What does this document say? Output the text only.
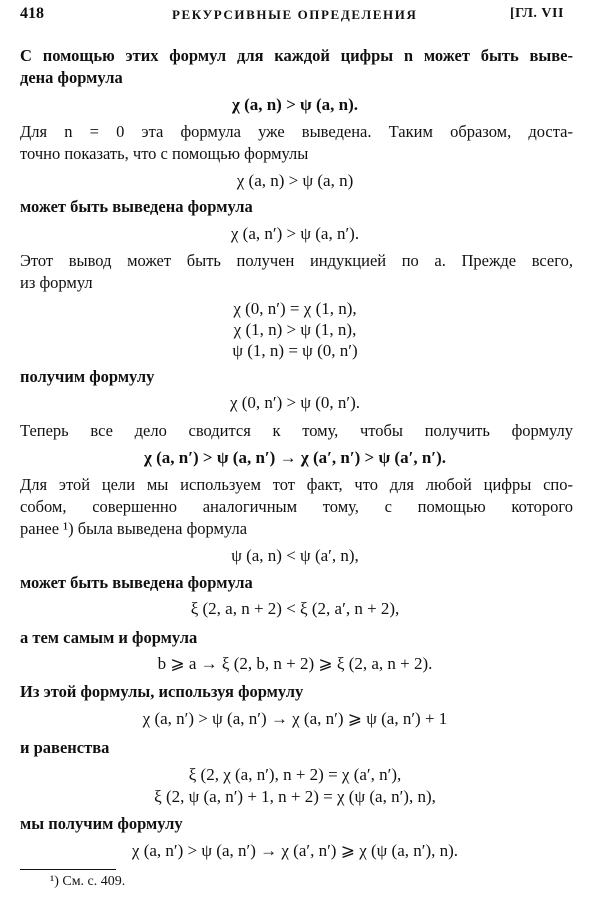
418	РЕКУРСИВНЫЕ ОПРЕДЕЛЕНИЯ	[ГЛ. VII
С помощью этих формул для каждой цифры n может быть выве-
дена формула
χ (a, n) > ψ (a, n).
Для n = 0 эта формула уже выведена. Таким образом, доста-
точно показать, что с помощью формулы
χ (a, n) > ψ (a, n)
может быть выведена формула
χ (a, n′) > ψ (a, n′).
Этот вывод может быть получен индукцией по a. Прежде всего,
из формул
χ (0, n′) = χ (1, n),
χ (1, n) > ψ (1, n),
ψ (1, n) = ψ (0, n′)
получим формулу
χ (0, n′) > ψ (0, n′).
Теперь все дело сводится к тому, чтобы получить формулу
χ (a, n′) > ψ (a, n′) → χ (a′, n′) > ψ (a′, n′).
Для этой цели мы используем тот факт, что для любой цифры спо-
собом, совершенно аналогичным тому, с помощью которого
ранее ¹) была выведена формула
ψ (a, n) < ψ (a′, n),
может быть выведена формула
ξ (2, a, n + 2) < ξ (2, a′, n + 2),
а тем самым и формула
b ⩾ a → ξ (2, b, n + 2) ⩾ ξ (2, a, n + 2).
Из этой формулы, используя формулу
χ (a, n′) > ψ (a, n′) → χ (a, n′) ⩾ ψ (a, n′) + 1
и равенства
ξ (2, χ (a, n′), n + 2) = χ (a′, n′),
ξ (2, ψ (a, n′) + 1, n + 2) = χ (ψ (a, n′), n),
мы получим формулу
χ (a, n′) > ψ (a, n′) → χ (a′, n′) ⩾ χ (ψ (a, n′), n).
¹) См. с. 409.
